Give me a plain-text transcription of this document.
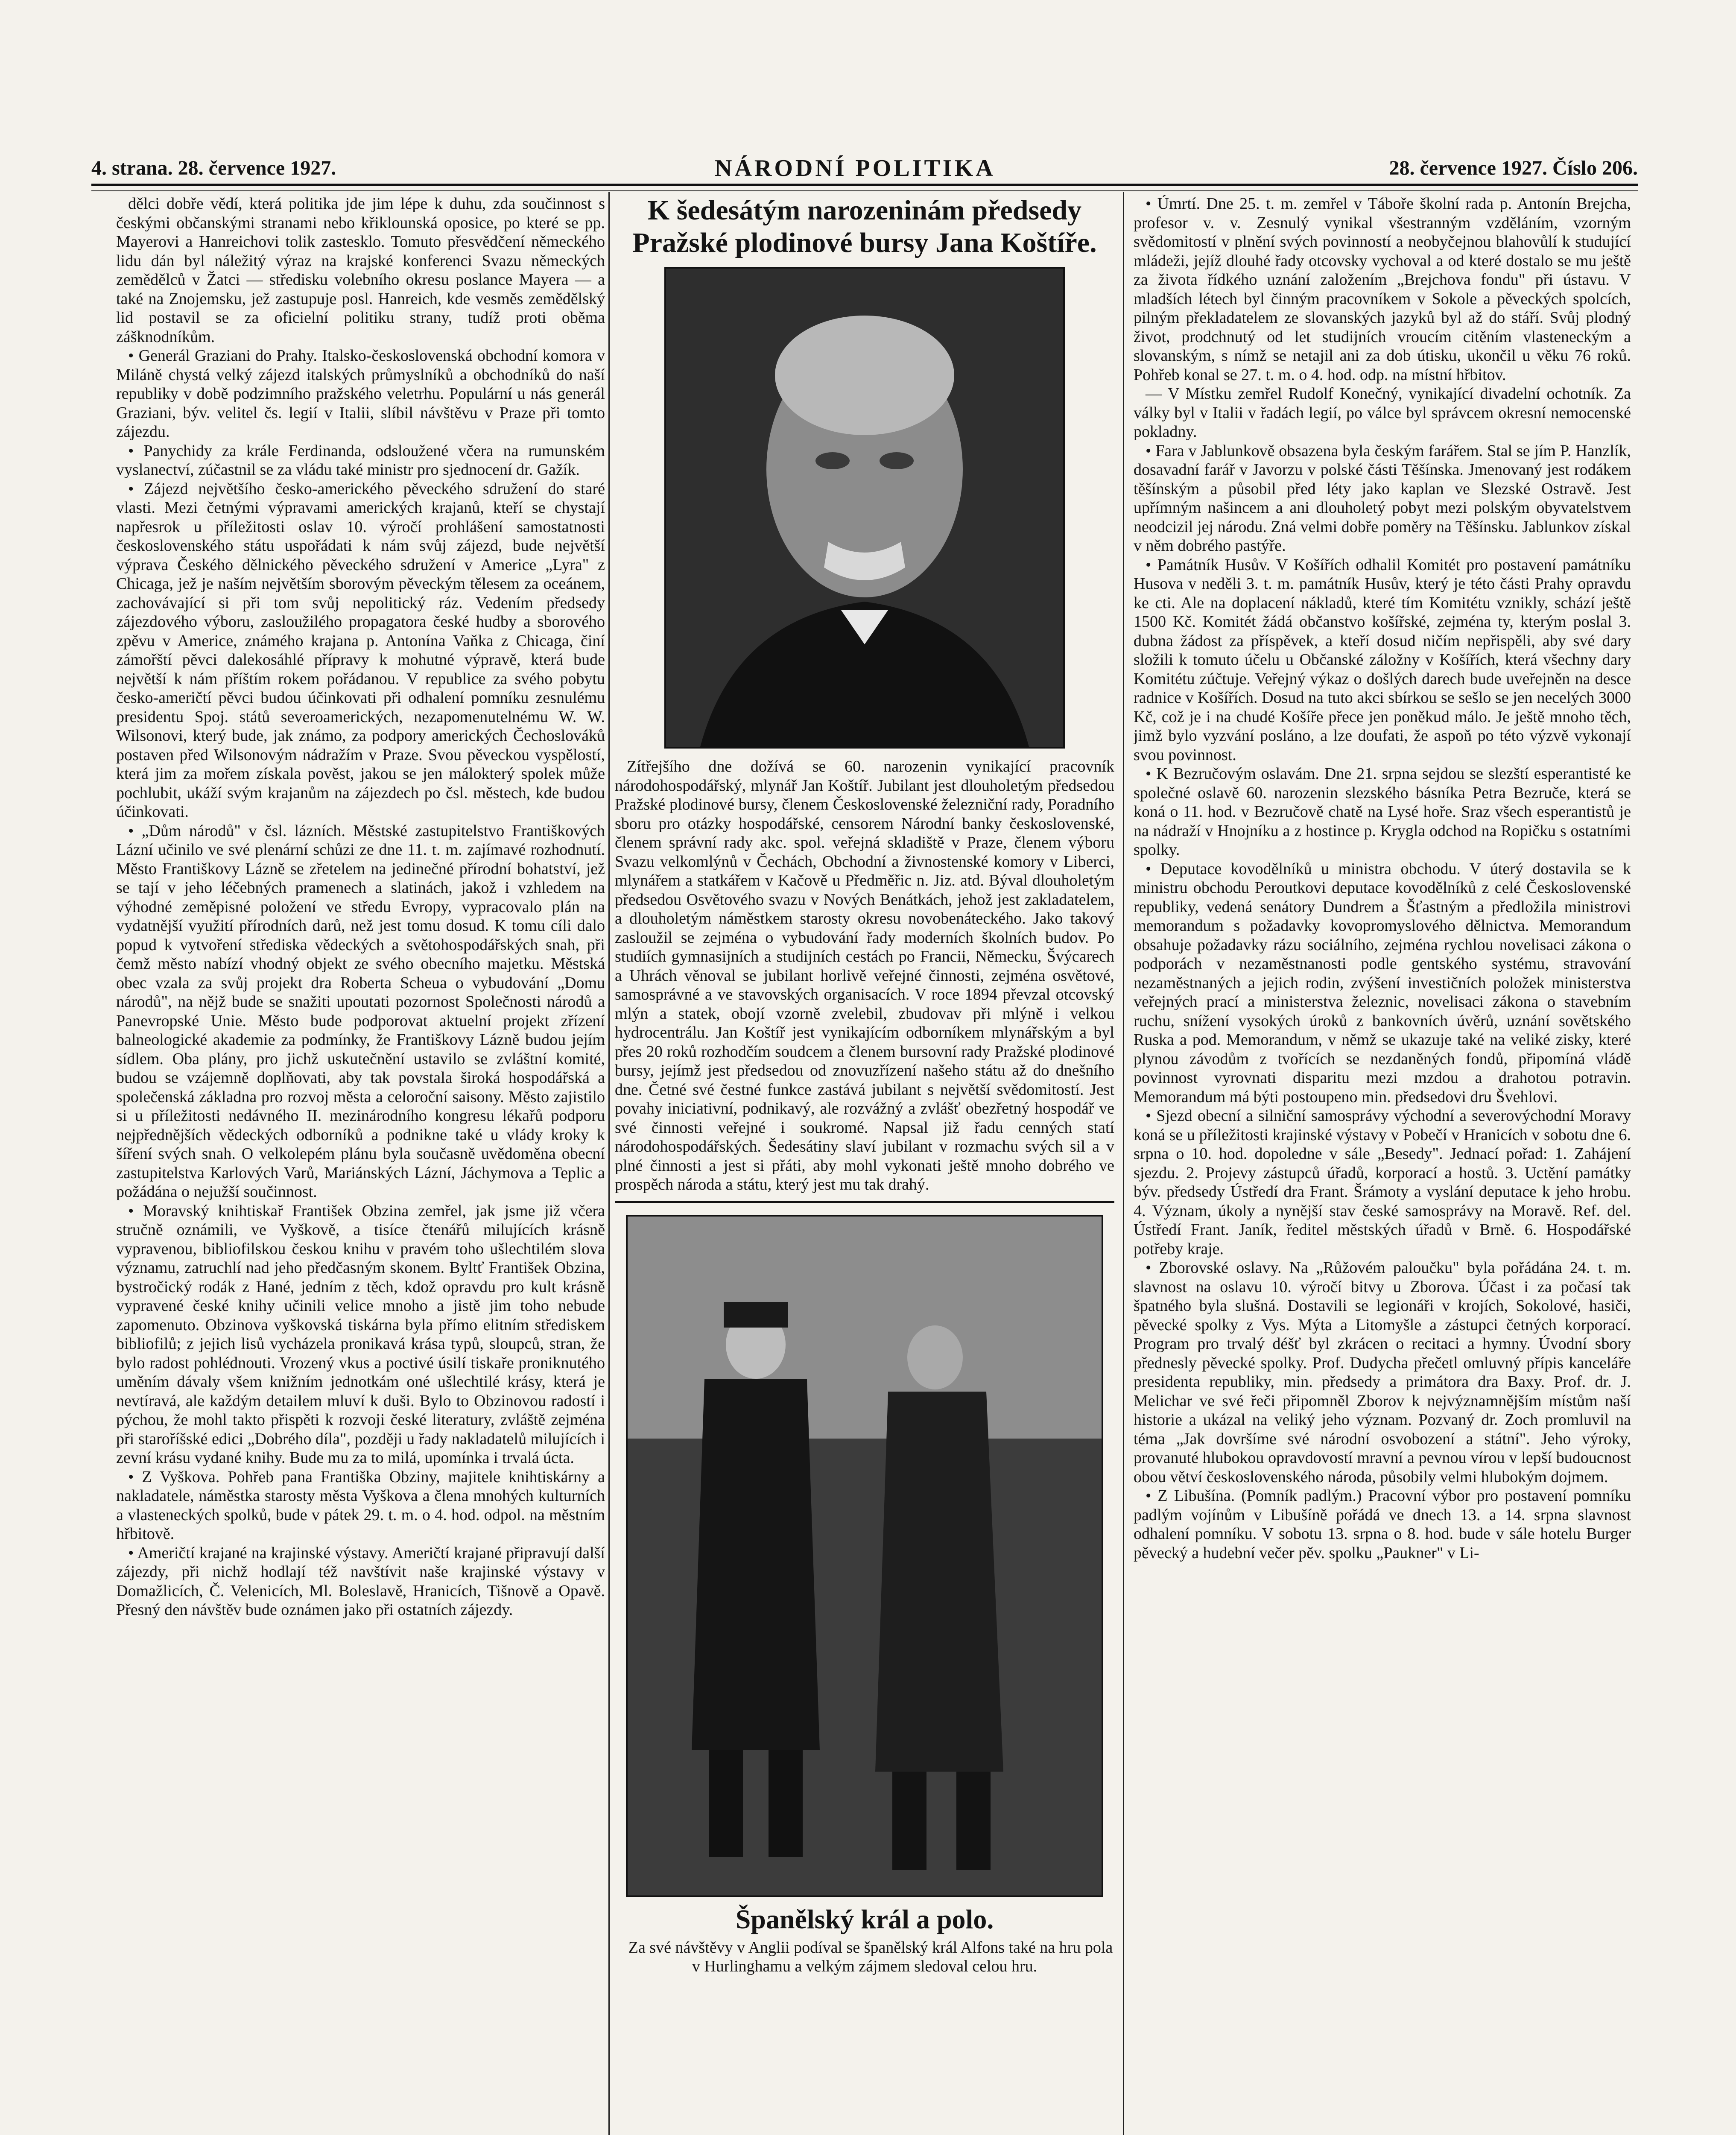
4. strana. 28. července 1927.	NÁRODNÍ POLITIKA	28. července 1927. Číslo 206.

dělci dobře vědí, která politika jde jim lépe k duhu, zda součinnost s českými občanskými stranami nebo křiklounská oposice, po které se pp. Mayerovi a Hanreichovi tolik zastesklo. Tomuto přesvědčení německého lidu dán byl náležitý výraz na krajské konferenci Svazu německých zemědělců v Žatci — středisku volebního okresu poslance Mayera — a také na Znojemsku, jež zastupuje posl. Hanreich, kde vesměs zemědělský lid postavil se za oficielní politiku strany, tudíž proti oběma zášknodníkům.

• Generál Graziani do Prahy. Italsko-československá obchodní komora v Miláně chystá velký zájezd italských průmyslníků a obchodníků do naší republiky v době podzimního pražského veletrhu. Populární u nás generál Graziani, býv. velitel čs. legií v Italii, slíbil návštěvu v Praze při tomto zájezdu.

• Panychidy za krále Ferdinanda, odsloužené včera na rumunském vyslanectví, zúčastnil se za vládu také ministr pro sjednocení dr. Gažík.

• Zájezd největšího česko-amerického pěveckého sdružení do staré vlasti. Mezi četnými výpravami amerických krajanů, kteří se chystají napřesrok u příležitosti oslav 10. výročí prohlášení samostatnosti československého státu uspořádati k nám svůj zájezd, bude největší výprava Českého dělnického pěveckého sdružení v Americe „Lyra" z Chicaga, jež je naším největším sborovým pěveckým tělesem za oceánem, zachovávající si při tom svůj nepolitický ráz. Vedením předsedy zájezdového výboru, zasloužilého propagatora české hudby a sborového zpěvu v Americe, známého krajana p. Antonína Vaňka z Chicaga, činí zámořští pěvci dalekosáhlé přípravy k mohutné výpravě, která bude největší k nám příštím rokem pořádanou. V republice za svého pobytu česko-američtí pěvci budou účinkovati při odhalení pomníku zesnulému presidentu Spoj. států severoamerických, nezapomenutelnému W. W. Wilsonovi, který bude, jak známo, za podpory amerických Čechoslováků postaven před Wilsonovým nádražím v Praze. Svou pěveckou vyspělostí, která jim za mořem získala pověst, jakou se jen málokterý spolek může pochlubit, ukáží svým krajanům na zájezdech po čsl. městech, kde budou účinkovati.

• „Dům národů" v čsl. lázních. Městské zastupitelstvo Františkových Lázní učinilo ve své plenární schůzi ze dne 11. t. m. zajímavé rozhodnutí. Město Františkovy Lázně se zřetelem na jedinečné přírodní bohatství, jež se tají v jeho léčebných pramenech a slatinách, jakož i vzhledem na výhodné zeměpisné položení ve středu Evropy, vypracovalo plán na vydatnější využití přírodních darů, než jest tomu dosud. K tomu cíli dalo popud k vytvoření střediska vědeckých a světohospodářských snah, při čemž město nabízí vhodný objekt ze svého obecního majetku. Městská obec vzala za svůj projekt dra Roberta Scheua o vybudování „Domu národů", na nějž bude se snažiti upoutati pozornost Společnosti národů a Panevropské Unie. Město bude podporovat aktuelní projekt zřízení balneologické akademie za podmínky, že Františkovy Lázně budou jejím sídlem. Oba plány, pro jichž uskutečnění ustavilo se zvláštní komité, budou se vzájemně doplňovati, aby tak povstala široká hospodářská a společenská základna pro rozvoj města a celoroční saisony. Město zajistilo si u příležitosti nedávného II. mezinárodního kongresu lékařů podporu nejpřednějších vědeckých odborníků a podnikne také u vlády kroky k šíření svých snah. O velkolepém plánu byla současně uvědoměna obecní zastupitelstva Karlových Varů, Mariánských Lázní, Jáchymova a Teplic a požádána o nejužší součinnost.

• Moravský knihtiskař František Obzina zemřel, jak jsme již včera stručně oznámili, ve Vyškově, a tisíce čtenářů milujících krásně vypravenou, bibliofilskou českou knihu v pravém toho ušlechtilém slova významu, zatruchlí nad jeho předčasným skonem. Byltť František Obzina, bystročický rodák z Hané, jedním z těch, kdož opravdu pro kult krásně vypravené české knihy učinili velice mnoho a jistě jim toho nebude zapomenuto. Obzinova vyškovská tiskárna byla přímo elitním střediskem bibliofilů; z jejich lisů vycházela pronikavá krása typů, sloupců, stran, že bylo radost pohlédnouti. Vrozený vkus a poctivé úsilí tiskaře proniknutého uměním dávaly všem knižním jednotkám oné ušlechtilé krásy, která je nevtíravá, ale každým detailem mluví k duši. Bylo to Obzinovou radostí i pýchou, že mohl takto přispěti k rozvoji české literatury, zvláště zejména při staroříšské edici „Dobrého díla", později u řady nakladatelů milujících i zevní krásu vydané knihy. Bude mu za to milá, upomínka i trvalá úcta.

• Z Vyškova. Pohřeb pana Františka Obziny, majitele knihtiskárny a nakladatele, náměstka starosty města Vyškova a člena mnohých kulturních a vlasteneckých spolků, bude v pátek 29. t. m. o 4. hod. odpol. na městním hřbitově.

• Američtí krajané na krajinské výstavy. Američtí krajané připravují další zájezdy, při nichž hodlají též navštívit naše krajinské výstavy v Domažlicích, Č. Velenicích, Ml. Boleslavě, Hranicích, Tišnově a Opavě. Přesný den návštěv bude oznámen jako při ostatních zájezdy.

K šedesátým narozeninám předsedy Pražské plodinové bursy Jana Koštíře.

Zítřejšího dne dožívá se 60. narozenin vynikající pracovník národohospodářský, mlynář Jan Koštíř. Jubilant jest dlouholetým předsedou Pražské plodinové bursy, členem Československé železniční rady, Poradního sboru pro otázky hospodářské, censorem Národní banky československé, členem správní rady akc. spol. veřejná skladiště v Praze, členem výboru Svazu velkomlýnů v Čechách, Obchodní a živnostenské komory v Liberci, mlynářem a statkářem v Kačově u Předměřic n. Jiz. atd. Býval dlouholetým předsedou Osvětového svazu v Nových Benátkách, jehož jest zakladatelem, a dlouholetým náměstkem starosty okresu novobenáteckého. Jako takový zasloužil se zejména o vybudování řady moderních školních budov. Po studiích gymnasijních a studijních cestách po Francii, Německu, Švýcarech a Uhrách věnoval se jubilant horlivě veřejné činnosti, zejména osvětové, samosprávné a ve stavovských organisacích. V roce 1894 převzal otcovský mlýn a statek, obojí vzorně zvelebil, zbudovav při mlýně i velkou hydrocentrálu. Jan Koštíř jest vynikajícím odborníkem mlynářským a byl přes 20 roků rozhodčím soudcem a členem bursovní rady Pražské plodinové bursy, jejímž jest předsedou od znovuzřízení našeho státu až do dnešního dne. Četné své čestné funkce zastává jubilant s největší svědomitostí. Jest povahy iniciativní, podnikavý, ale rozvážný a zvlášť obezřetný hospodář ve své činnosti veřejné i soukromé. Napsal již řadu cenných statí národohospodářských. Šedesátiny slaví jubilant v rozmachu svých sil a v plné činnosti a jest si přáti, aby mohl vykonati ještě mnoho dobrého ve prospěch národa a státu, který jest mu tak drahý.

Španělský král a polo.

Za své návštěvy v Anglii podíval se španělský král Alfons také na hru pola v Hurlinghamu a velkým zájmem sledoval celou hru.

• Úmrtí. Dne 25. t. m. zemřel v Táboře školní rada p. Antonín Brejcha, profesor v. v. Zesnulý vynikal všestranným vzděláním, vzorným svědomitostí v plnění svých povinností a neobyčejnou blahovůlí k studující mládeži, jejíž dlouhé řady otcovsky vychoval a od které dostalo se mu ještě za života řídkého uznání založením „Brejchova fondu" při ústavu. V mladších létech byl činným pracovníkem v Sokole a pěveckých spolcích, pilným překladatelem ze slovanských jazyků byl až do stáří. Svůj plodný život, prodchnutý od let studijních vroucím citěním vlasteneckým a slovanským, s nímž se netajil ani za dob útisku, ukončil u věku 76 roků. Pohřeb konal se 27. t. m. o 4. hod. odp. na místní hřbitov.

— V Místku zemřel Rudolf Konečný, vynikající divadelní ochotník. Za války byl v Italii v řadách legií, po válce byl správcem okresní nemocenské pokladny.

• Fara v Jablunkově obsazena byla českým farářem. Stal se jím P. Hanzlík, dosavadní farář v Javorzu v polské části Těšínska. Jmenovaný jest rodákem těšínským a působil před léty jako kaplan ve Slezské Ostravě. Jest upřímným našincem a ani dlouholetý pobyt mezi polským obyvatelstvem neodcizil jej národu. Zná velmi dobře poměry na Těšínsku. Jablunkov získal v něm dobrého pastýře.

• Památník Husův. V Košířích odhalil Komitét pro postavení památníku Husova v neděli 3. t. m. památník Husův, který je této části Prahy opravdu ke cti. Ale na doplacení nákladů, které tím Komitétu vznikly, schází ještě 1500 Kč. Komitét žádá občanstvo košířské, zejména ty, kterým poslal 3. dubna žádost za příspěvek, a kteří dosud ničím nepřispěli, aby své dary složili k tomuto účelu u Občanské záložny v Košířích, která všechny dary Komitétu zúčtuje. Veřejný výkaz o došlých darech bude uveřejněn na desce radnice v Košířích. Dosud na tuto akci sbírkou se sešlo se jen necelých 3000 Kč, což je i na chudé Košíře přece jen poněkud málo. Je ještě mnoho těch, jimž bylo vyzvání posláno, a lze doufati, že aspoň po této výzvě vykonají svou povinnost.

• K Bezručovým oslavám. Dne 21. srpna sejdou se slezští esperantisté ke společné oslavě 60. narozenin slezského básníka Petra Bezruče, která se koná o 11. hod. v Bezručově chatě na Lysé hoře. Sraz všech esperantistů je na nádraží v Hnojníku a z hostince p. Krygla odchod na Ropičku s ostatními spolky.

• Deputace kovodělníků u ministra obchodu. V úterý dostavila se k ministru obchodu Peroutkovi deputace kovodělníků z celé Československé republiky, vedená senátory Dundrem a Šťastným a předložila ministrovi memorandum s požadavky kovopromyslového dělnictva. Memorandum obsahuje požadavky rázu sociálního, zejména rychlou novelisaci zákona o podporách v nezaměstnanosti podle gentského systému, stravování nezaměstnaných a jejich rodin, zvýšení investičních položek ministerstva veřejných prací a ministerstva železnic, novelisaci zákona o stavebním ruchu, snížení vysokých úroků z bankovních úvěrů, uznání sovětského Ruska a pod. Memorandum, v němž se ukazuje také na veliké zisky, které plynou závodům z tvořících se nezdaněných fondů, připomíná vládě povinnost vyrovnati disparitu mezi mzdou a drahotou potravin. Memorandum má býti postoupeno min. předsedovi dru Švehlovi.

• Sjezd obecní a silniční samosprávy východní a severovýchodní Moravy koná se u příležitosti krajinské výstavy v Pobečí v Hranicích v sobotu dne 6. srpna o 10. hod. dopoledne v sále „Besedy". Jednací pořad: 1. Zahájení sjezdu. 2. Projevy zástupců úřadů, korporací a hostů. 3. Uctění památky býv. předsedy Ústředí dra Frant. Šrámoty a vyslání deputace k jeho hrobu. 4. Význam, úkoly a nynější stav české samosprávy na Moravě. Ref. del. Ústředí Frant. Janík, ředitel městských úřadů v Brně. 6. Hospodářské potřeby kraje.

• Zborovské oslavy. Na „Růžovém paloučku" byla pořádána 24. t. m. slavnost na oslavu 10. výročí bitvy u Zborova. Účast i za počasí tak špatného byla slušná. Dostavili se legionáři v krojích, Sokolové, hasiči, pěvecké spolky z Vys. Mýta a Litomyšle a zástupci četných korporací. Program pro trvalý déšť byl zkrácen o recitaci a hymny. Úvodní sbory přednesly pěvecké spolky. Prof. Dudycha přečetl omluvný přípis kanceláře presidenta republiky, min. předsedy a primátora dra Baxy. Prof. dr. J. Melichar ve své řeči připomněl Zborov k nejvýznamnějším místům naší historie a ukázal na veliký jeho význam. Pozvaný dr. Zoch promluvil na téma „Jak dovršíme své národní osvobození a státní". Jeho výroky, provanuté hlubokou opravdovostí mravní a pevnou vírou v lepší budoucnost obou větví československého národa, působily velmi hlubokým dojmem.

• Z Libušína. (Pomník padlým.) Pracovní výbor pro postavení pomníku padlým vojínům v Libušíně pořádá ve dnech 13. a 14. srpna slavnost odhalení pomníku. V sobotu 13. srpna o 8. hod. bude v sále hotelu Burger pěvecký a hudební večer pěv. spolku „Paukner" v Li-
